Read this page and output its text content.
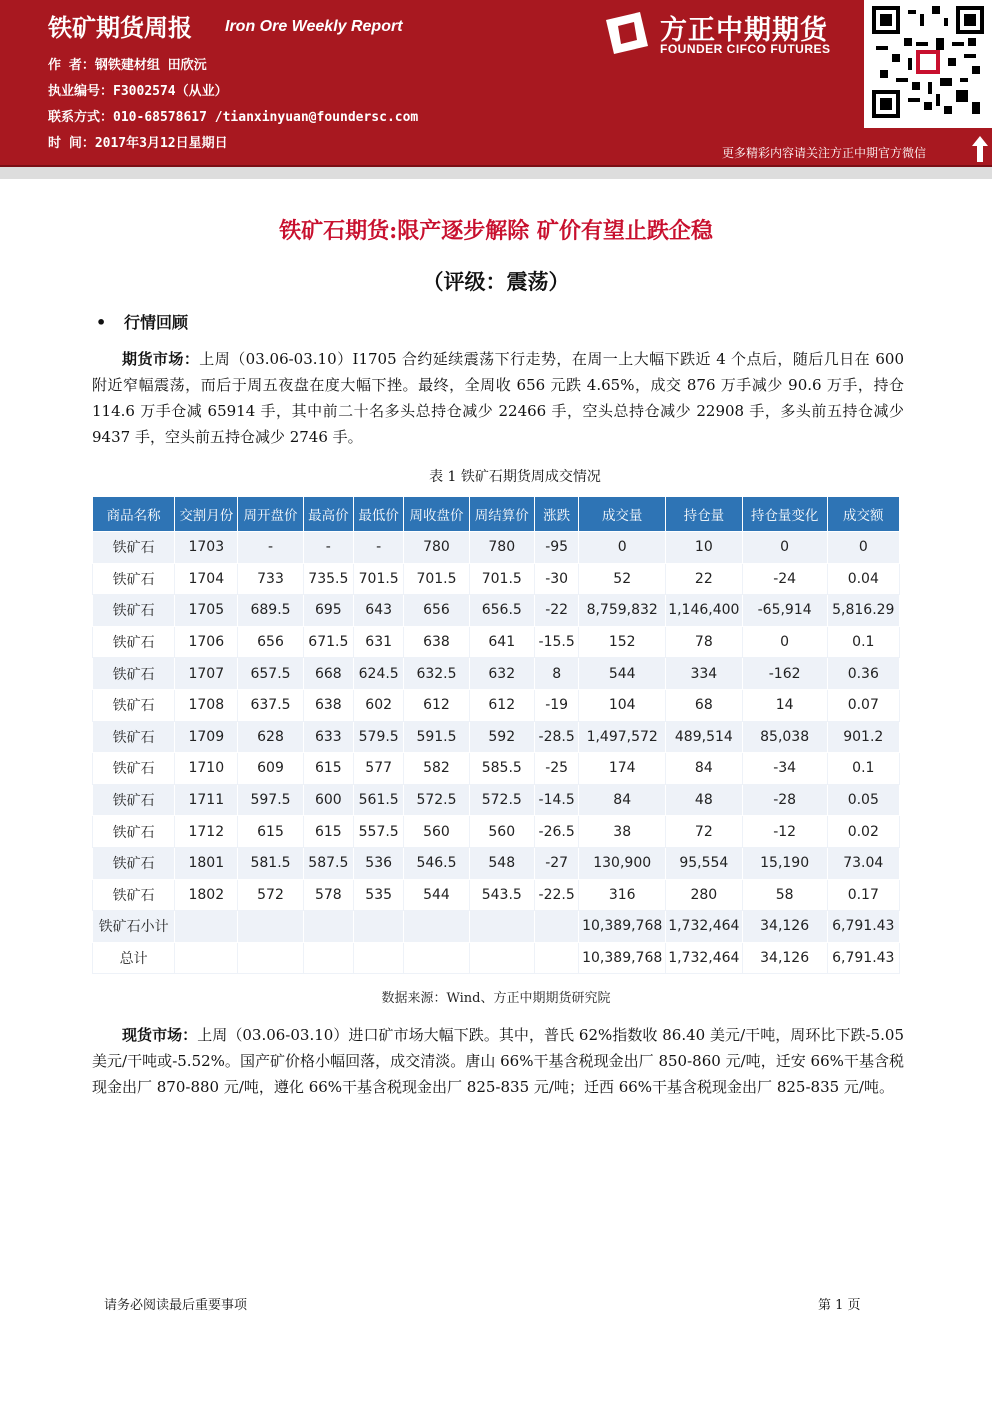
铁矿期货周报 Iron Ore Weekly Report
作 者：钢铁建材组 田欣沅
执业编号：F3002574（从业）
联系方式：010-68578617 /tianxinyuan@foundersc.com
时 间：2017年3月12日星期日
方正中期期货
FOUNDER CIFCO FUTURES
更多精彩内容请关注方正中期官方微信
铁矿石期货:限产逐步解除 矿价有望止跌企稳
（评级：震荡）
• 行情回顾
期货市场：上周（03.06-03.10）I1705 合约延续震荡下行走势，在周一上大幅下跌近 4 个点后，随后几日在 600 附近窄幅震荡，而后于周五夜盘在度大幅下挫。最终，全周收 656 元跌 4.65%，成交 876 万手减少 90.6 万手，持仓 114.6 万手仓减 65914 手，其中前二十名多头总持仓减少 22466 手，空头总持仓减少 22908 手，多头前五持仓减少 9437 手，空头前五持仓减少 2746 手。
表 1 铁矿石期货周成交情况
商品名称	交割月份	周开盘价	最高价	最低价	周收盘价	周结算价	涨跌	成交量	持仓量	持仓量变化	成交额
铁矿石	1703	-	-	-	780	780	-95	0	10	0	0
铁矿石	1704	733	735.5	701.5	701.5	701.5	-30	52	22	-24	0.04
铁矿石	1705	689.5	695	643	656	656.5	-22	8,759,832	1,146,400	-65,914	5,816.29
铁矿石	1706	656	671.5	631	638	641	-15.5	152	78	0	0.1
铁矿石	1707	657.5	668	624.5	632.5	632	8	544	334	-162	0.36
铁矿石	1708	637.5	638	602	612	612	-19	104	68	14	0.07
铁矿石	1709	628	633	579.5	591.5	592	-28.5	1,497,572	489,514	85,038	901.2
铁矿石	1710	609	615	577	582	585.5	-25	174	84	-34	0.1
铁矿石	1711	597.5	600	561.5	572.5	572.5	-14.5	84	48	-28	0.05
铁矿石	1712	615	615	557.5	560	560	-26.5	38	72	-12	0.02
铁矿石	1801	581.5	587.5	536	546.5	548	-27	130,900	95,554	15,190	73.04
铁矿石	1802	572	578	535	544	543.5	-22.5	316	280	58	0.17
铁矿石小计								10,389,768	1,732,464	34,126	6,791.43
总计								10,389,768	1,732,464	34,126	6,791.43
数据来源：Wind、方正中期期货研究院
现货市场：上周（03.06-03.10）进口矿市场大幅下跌。其中，普氏 62%指数收 86.40 美元/干吨，周环比下跌-5.05 美元/干吨或-5.52%。国产矿价格小幅回落，成交清淡。唐山 66%干基含税现金出厂 850-860 元/吨，迁安 66%干基含税现金出厂 870-880 元/吨，遵化 66%干基含税现金出厂 825-835 元/吨；迁西 66%干基含税现金出厂 825-835 元/吨。
请务必阅读最后重要事项	第 1 页
